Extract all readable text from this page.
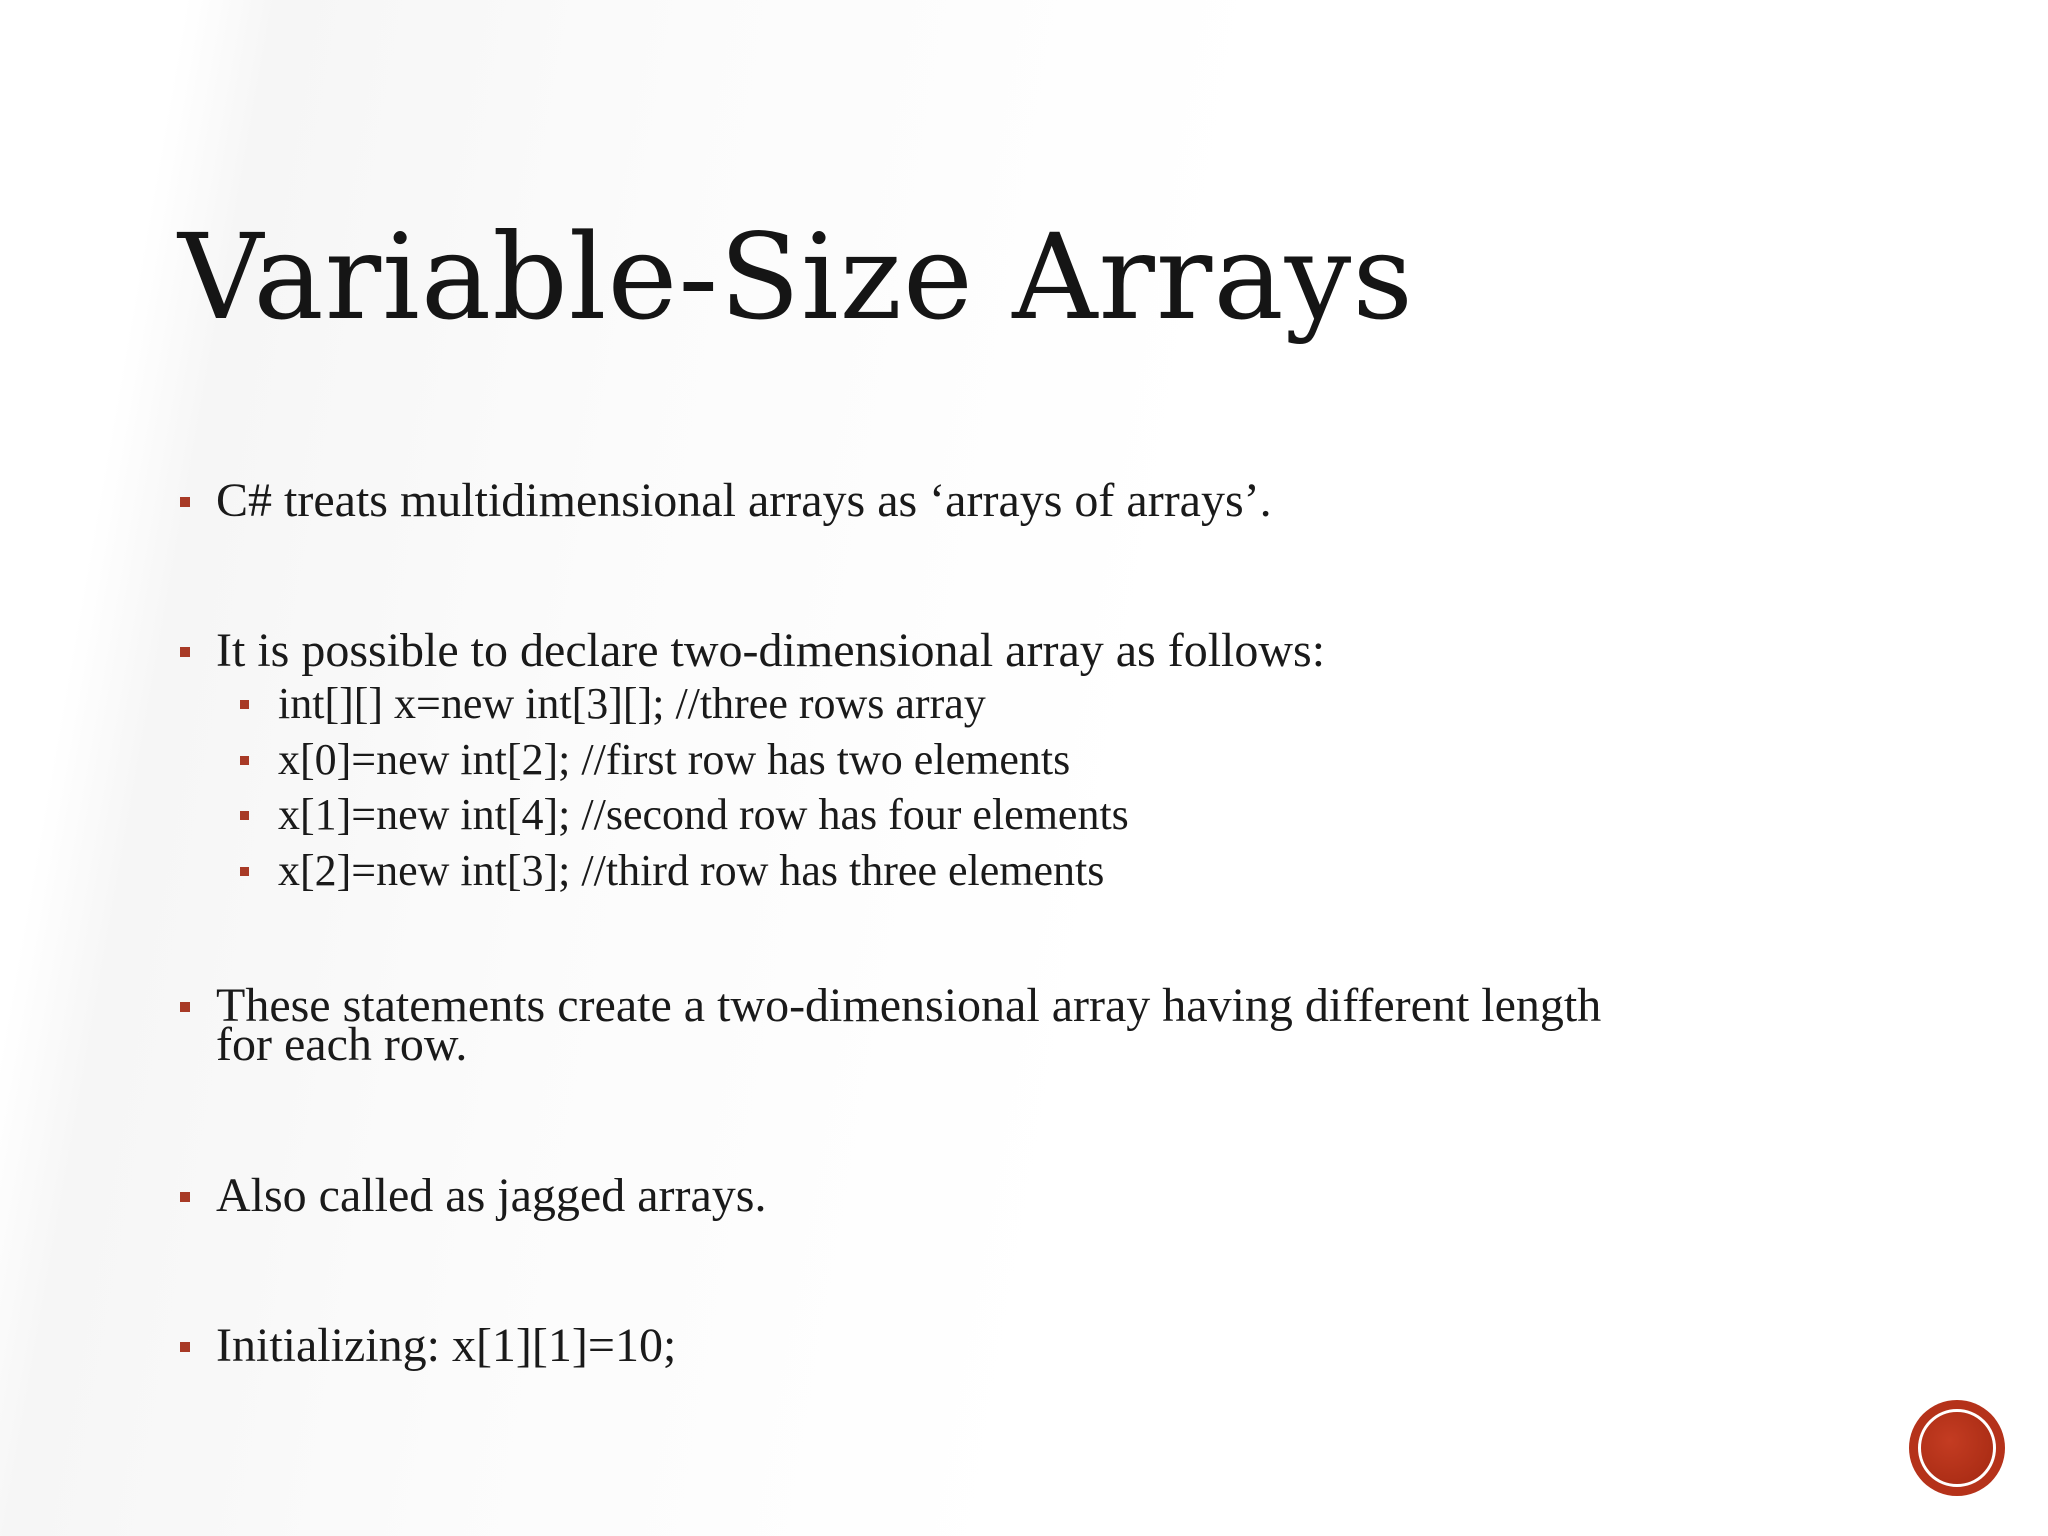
Variable-Size Arrays
C# treats multidimensional arrays as ‘arrays of arrays’.
It is possible to declare two-dimensional array as follows:
int[][] x=new int[3][]; //three rows array
x[0]=new int[2]; //first row has two elements
x[1]=new int[4]; //second row has four elements
x[2]=new int[3]; //third row has three elements
These statements create a two-dimensional array having different length
for each row.
Also called as jagged arrays.
Initializing: x[1][1]=10;
